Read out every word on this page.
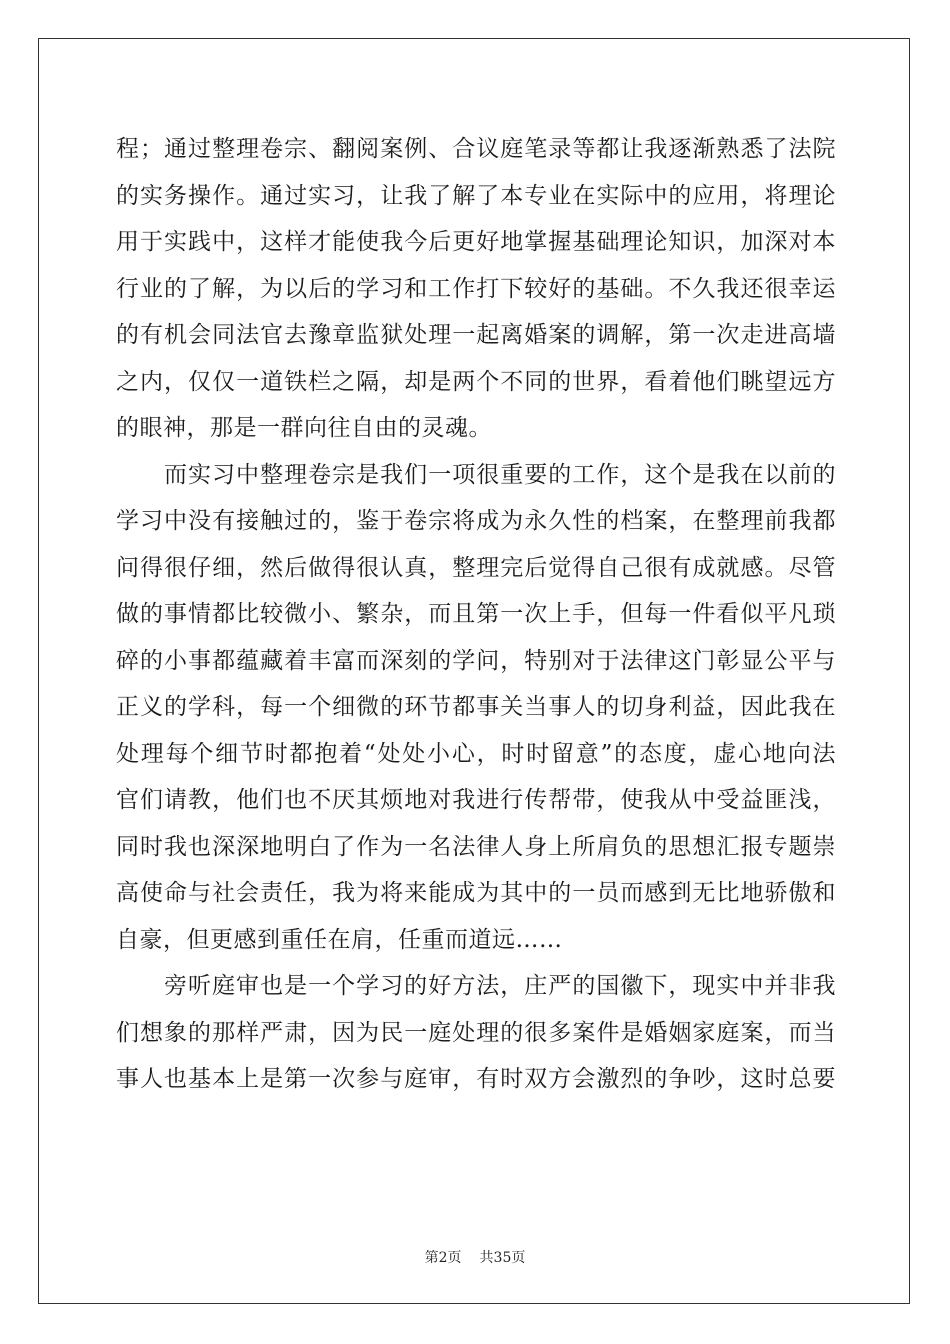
程；通过整理卷宗、翻阅案例、合议庭笔录等都让我逐渐熟悉了法院
的实务操作。通过实习，让我了解了本专业在实际中的应用，将理论
用于实践中，这样才能使我今后更好地掌握基础理论知识，加深对本
行业的了解，为以后的学习和工作打下较好的基础。不久我还很幸运
的有机会同法官去豫章监狱处理一起离婚案的调解，第一次走进高墙
之内，仅仅一道铁栏之隔，却是两个不同的世界，看着他们眺望远方
的眼神，那是一群向往自由的灵魂。
而实习中整理卷宗是我们一项很重要的工作，这个是我在以前的
学习中没有接触过的，鉴于卷宗将成为永久性的档案，在整理前我都
问得很仔细，然后做得很认真，整理完后觉得自己很有成就感。尽管
做的事情都比较微小、繁杂，而且第一次上手，但每一件看似平凡琐
碎的小事都蕴藏着丰富而深刻的学问，特别对于法律这门彰显公平与
正义的学科，每一个细微的环节都事关当事人的切身利益，因此我在
处理每个细节时都抱着“处处小心，时时留意”的态度，虚心地向法
官们请教，他们也不厌其烦地对我进行传帮带，使我从中受益匪浅，
同时我也深深地明白了作为一名法律人身上所肩负的思想汇报专题崇
高使命与社会责任，我为将来能成为其中的一员而感到无比地骄傲和
自豪，但更感到重任在肩，任重而道远……
旁听庭审也是一个学习的好方法，庄严的国徽下，现实中并非我
们想象的那样严肃，因为民一庭处理的很多案件是婚姻家庭案，而当
事人也基本上是第一次参与庭审，有时双方会激烈的争吵，这时总要
第2页 共35页
